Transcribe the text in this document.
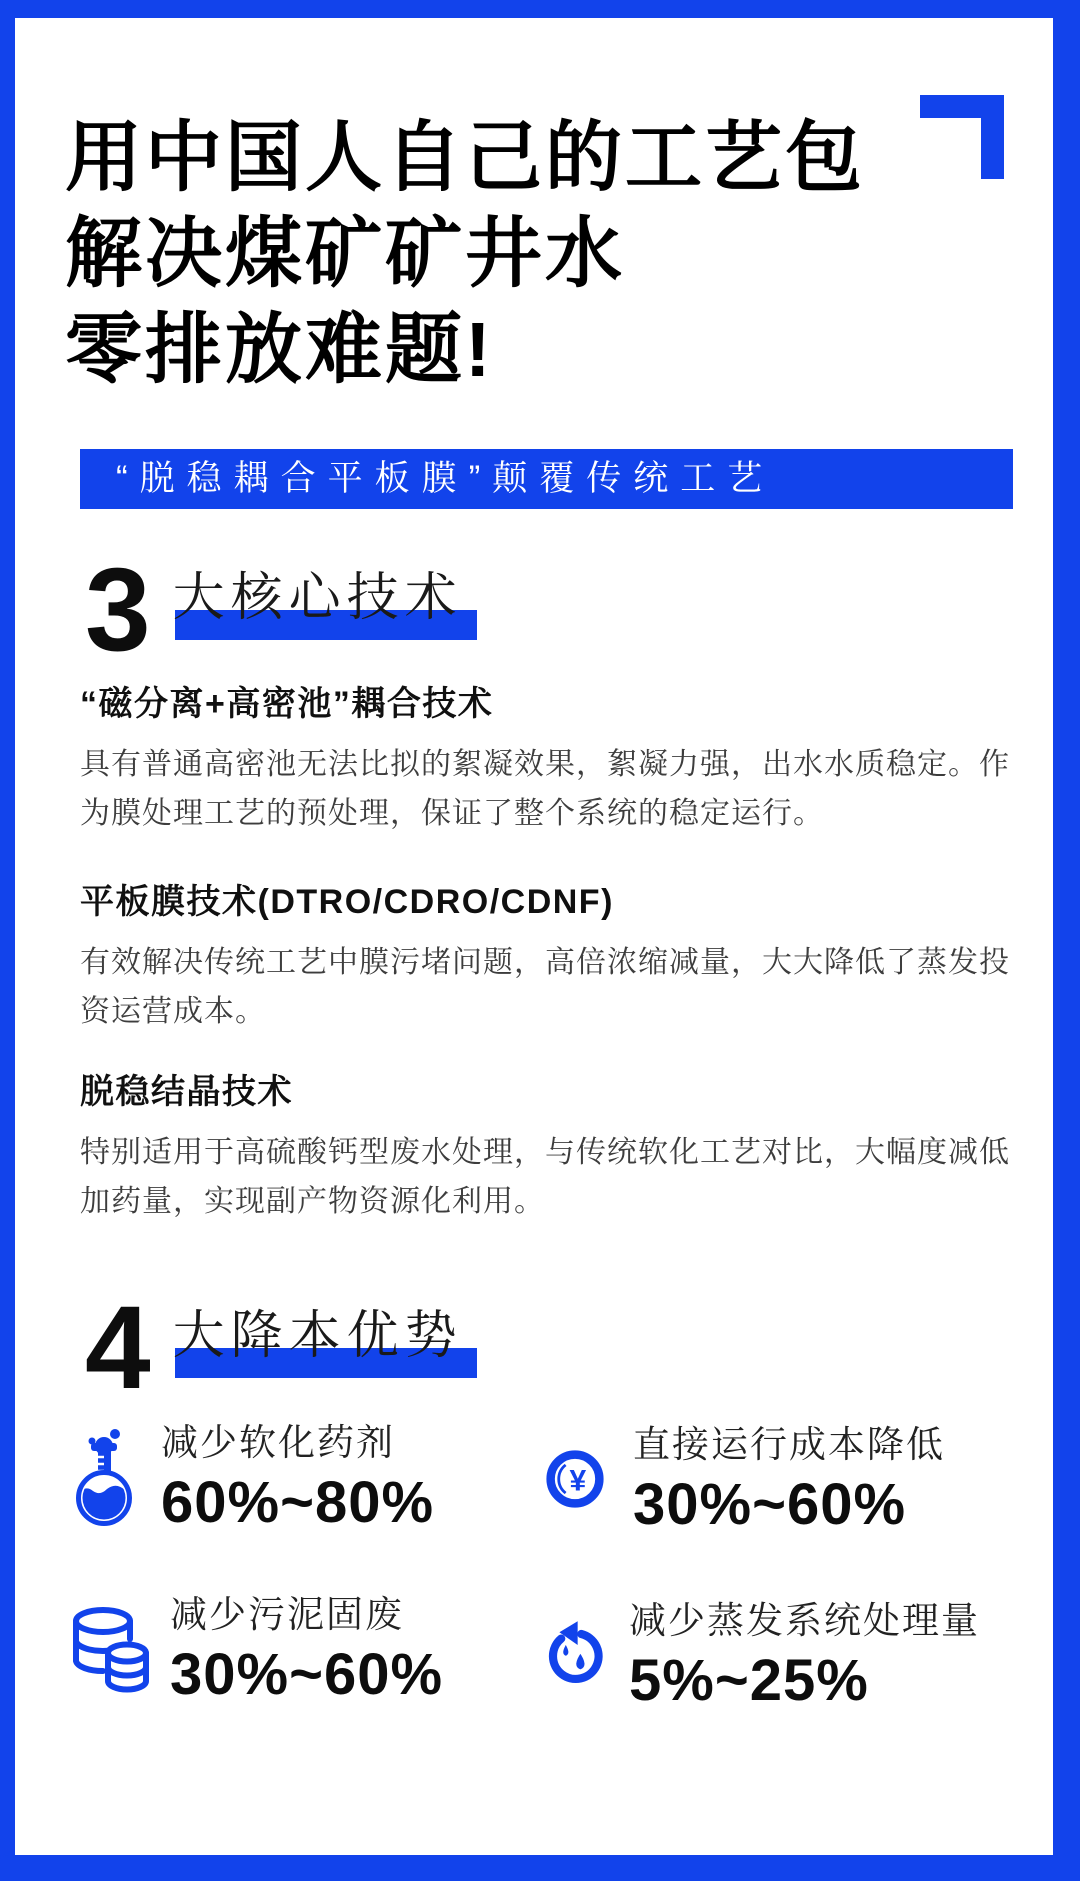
用中国人自己的工艺包
解决煤矿矿井水
零排放难题!
“脱稳耦合平板膜”颠覆传统工艺
3 大核心技术
“磁分离+高密池”耦合技术

具有普通高密池无法比拟的絮凝效果，絮凝力强，出水水质稳定。作为膜处理工艺的预处理，保证了整个系统的稳定运行。

平板膜技术(DTRO/CDRO/CDNF)

有效解决传统工艺中膜污堵问题，高倍浓缩减量，大大降低了蒸发投资运营成本。

脱稳结晶技术

特别适用于高硫酸钙型废水处理，与传统软化工艺对比，大幅度减低加药量，实现副产物资源化利用。

4 大降本优势
减少软化药剂
60%~80%	¥
直接运行成本降低
30%~60%
减少污泥固废
30%~60%
减少蒸发系统处理量
5%~25%
